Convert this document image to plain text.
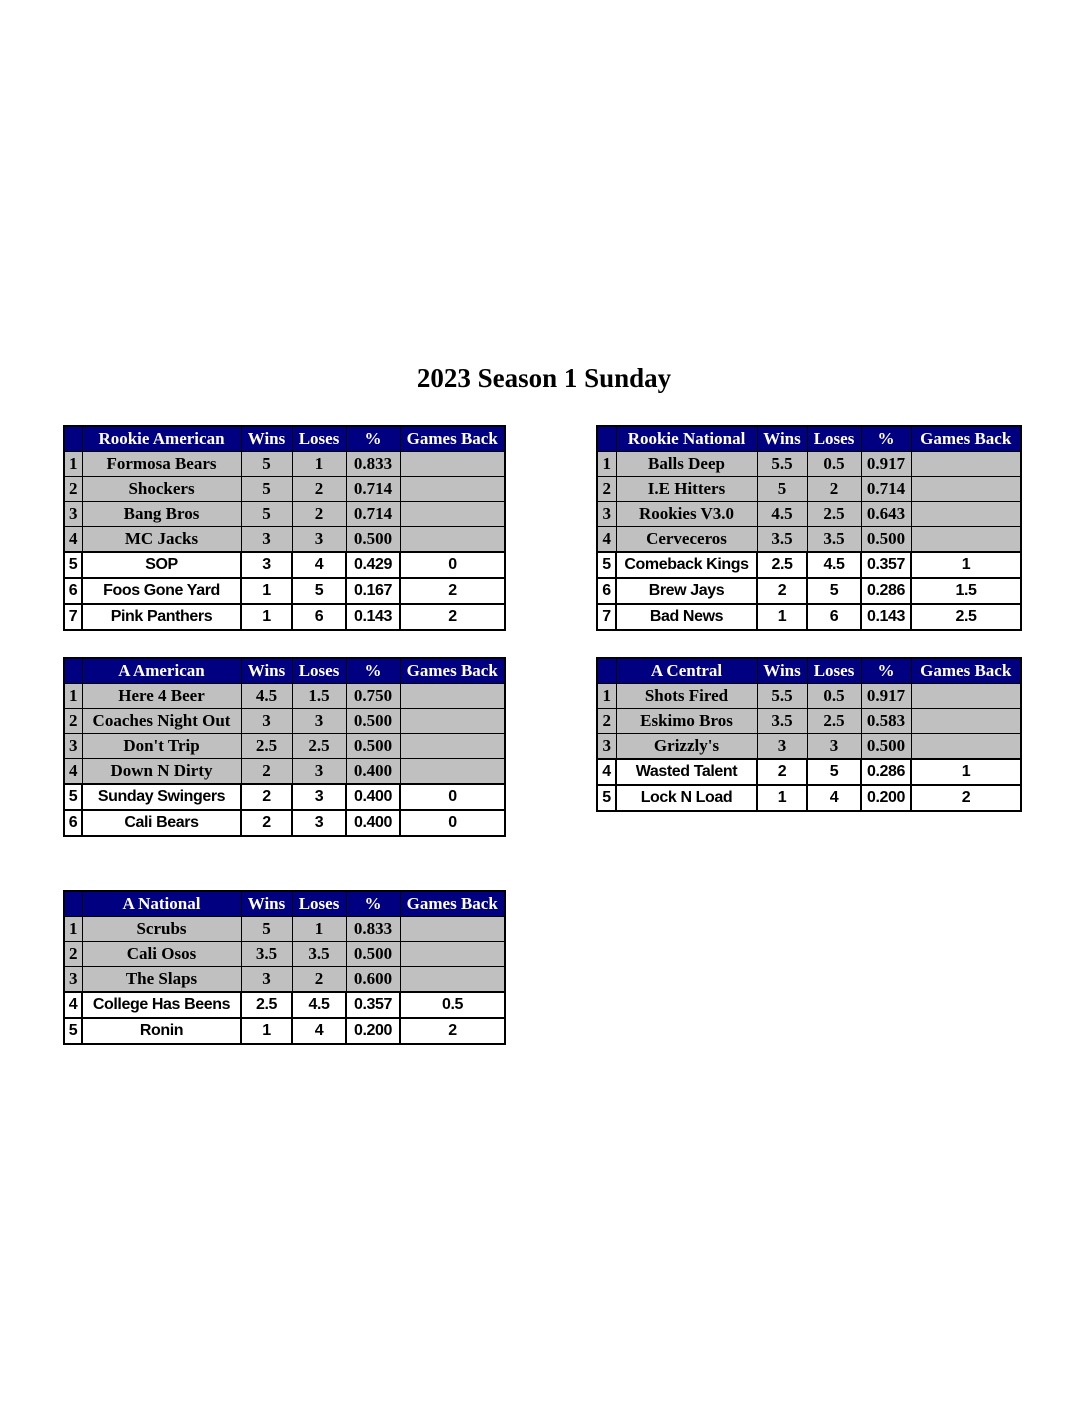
2023 Season 1 Sunday
	Rookie American	Wins	Loses	%	Games Back
1	Formosa Bears	5	1	0.833	
2	Shockers	5	2	0.714	
3	Bang Bros	5	2	0.714	
4	MC Jacks	3	3	0.500	
5	SOP	3	4	0.429	0
6	Foos Gone Yard	1	5	0.167	2
7	Pink Panthers	1	6	0.143	2
	Rookie National	Wins	Loses	%	Games Back
1	Balls Deep	5.5	0.5	0.917	
2	I.E Hitters	5	2	0.714	
3	Rookies V3.0	4.5	2.5	0.643	
4	Cerveceros	3.5	3.5	0.500	
5	Comeback Kings	2.5	4.5	0.357	1
6	Brew Jays	2	5	0.286	1.5
7	Bad News	1	6	0.143	2.5
	A American	Wins	Loses	%	Games Back
1	Here 4 Beer	4.5	1.5	0.750	
2	Coaches Night Out	3	3	0.500	
3	Don't Trip	2.5	2.5	0.500	
4	Down N Dirty	2	3	0.400	
5	Sunday Swingers	2	3	0.400	0
6	Cali Bears	2	3	0.400	0
	A Central	Wins	Loses	%	Games Back
1	Shots Fired	5.5	0.5	0.917	
2	Eskimo Bros	3.5	2.5	0.583	
3	Grizzly's	3	3	0.500	
4	Wasted Talent	2	5	0.286	1
5	Lock N Load	1	4	0.200	2
	A National	Wins	Loses	%	Games Back
1	Scrubs	5	1	0.833	
2	Cali Osos	3.5	3.5	0.500	
3	The Slaps	3	2	0.600	
4	College Has Beens	2.5	4.5	0.357	0.5
5	Ronin	1	4	0.200	2
